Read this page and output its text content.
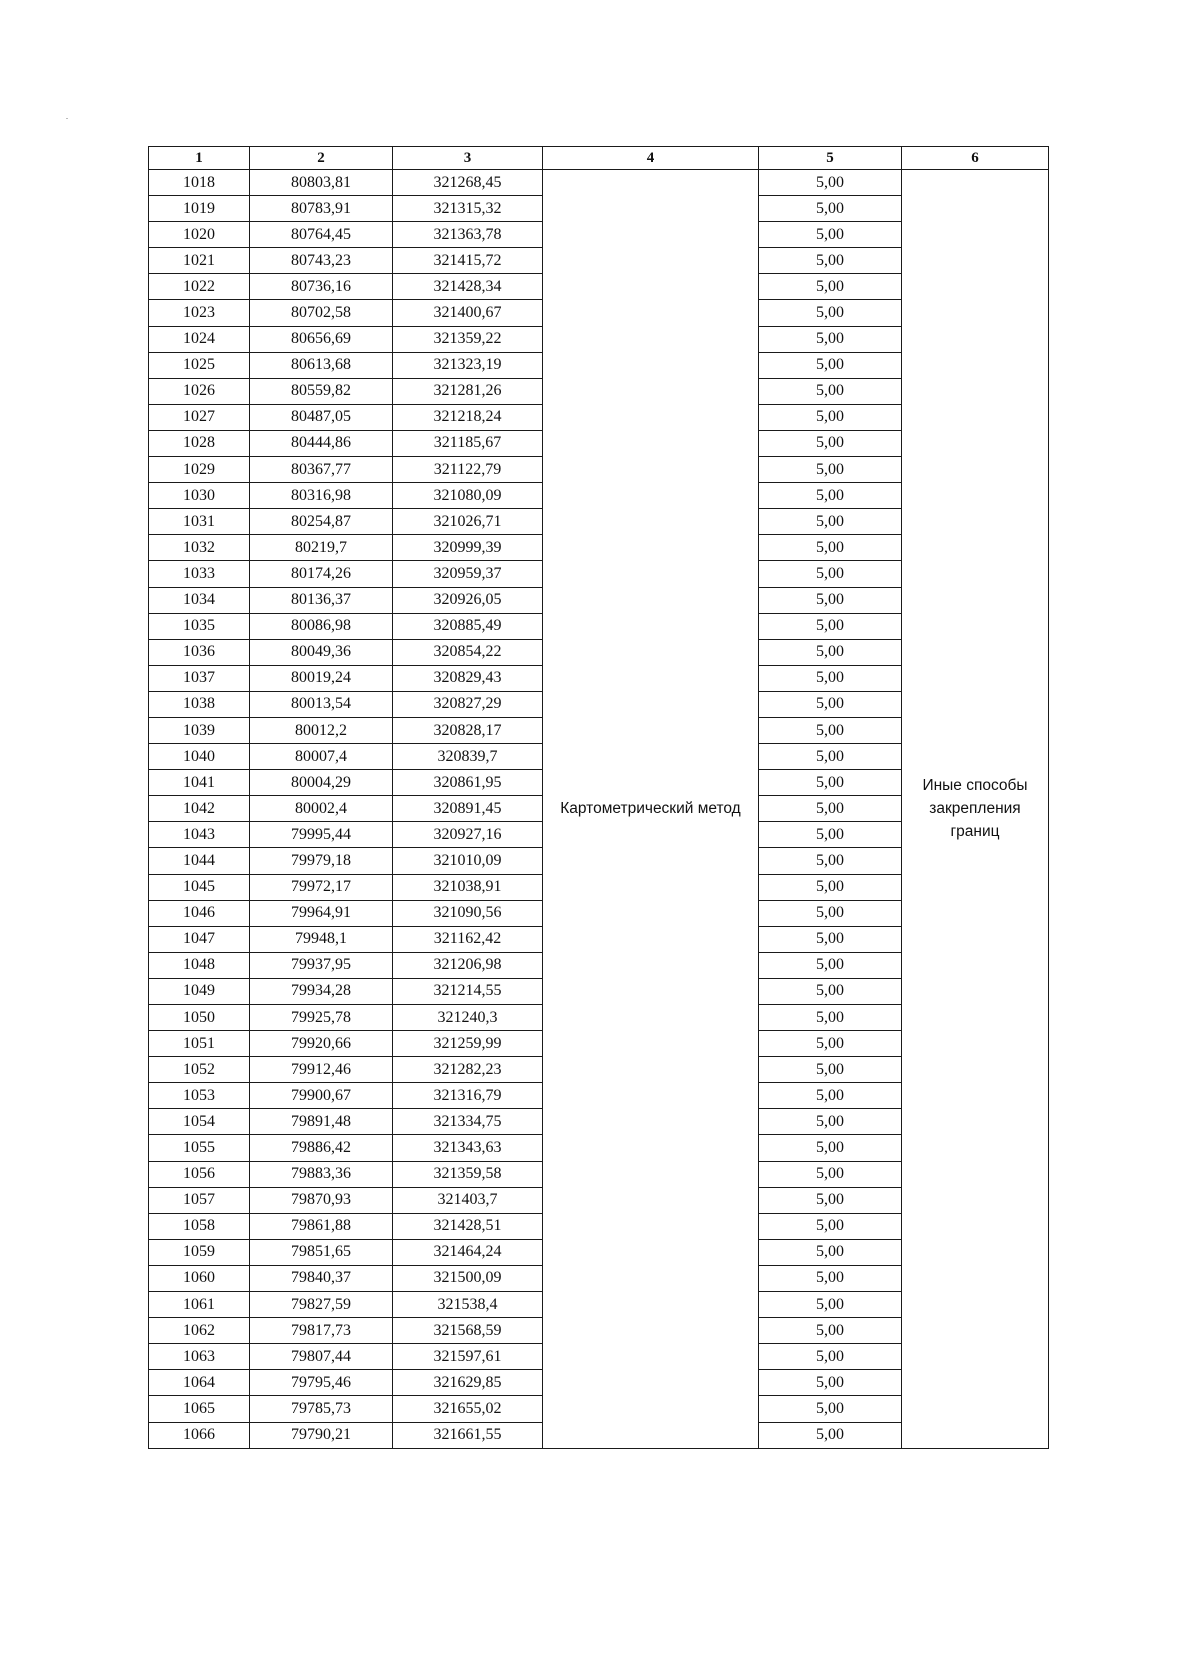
1	2	3	4	5	6
1018	80803,81	321268,45	Картометрический метод	5,00	Иные способы закрепления границ
1019	80783,91	321315,32		5,00	
1020	80764,45	321363,78		5,00	
1021	80743,23	321415,72		5,00	
1022	80736,16	321428,34		5,00	
1023	80702,58	321400,67		5,00	
1024	80656,69	321359,22		5,00	
1025	80613,68	321323,19		5,00	
1026	80559,82	321281,26		5,00	
1027	80487,05	321218,24		5,00	
1028	80444,86	321185,67		5,00	
1029	80367,77	321122,79		5,00	
1030	80316,98	321080,09		5,00	
1031	80254,87	321026,71		5,00	
1032	80219,7	320999,39		5,00	
1033	80174,26	320959,37		5,00	
1034	80136,37	320926,05		5,00	
1035	80086,98	320885,49		5,00	
1036	80049,36	320854,22		5,00	
1037	80019,24	320829,43		5,00	
1038	80013,54	320827,29		5,00	
1039	80012,2	320828,17		5,00	
1040	80007,4	320839,7		5,00	
1041	80004,29	320861,95		5,00	
1042	80002,4	320891,45		5,00	
1043	79995,44	320927,16		5,00	
1044	79979,18	321010,09		5,00	
1045	79972,17	321038,91		5,00	
1046	79964,91	321090,56		5,00	
1047	79948,1	321162,42		5,00	
1048	79937,95	321206,98		5,00	
1049	79934,28	321214,55		5,00	
1050	79925,78	321240,3		5,00	
1051	79920,66	321259,99		5,00	
1052	79912,46	321282,23		5,00	
1053	79900,67	321316,79		5,00	
1054	79891,48	321334,75		5,00	
1055	79886,42	321343,63		5,00	
1056	79883,36	321359,58		5,00	
1057	79870,93	321403,7		5,00	
1058	79861,88	321428,51		5,00	
1059	79851,65	321464,24		5,00	
1060	79840,37	321500,09		5,00	
1061	79827,59	321538,4		5,00	
1062	79817,73	321568,59		5,00	
1063	79807,44	321597,61		5,00	
1064	79795,46	321629,85		5,00	
1065	79785,73	321655,02		5,00	
1066	79790,21	321661,55		5,00	
